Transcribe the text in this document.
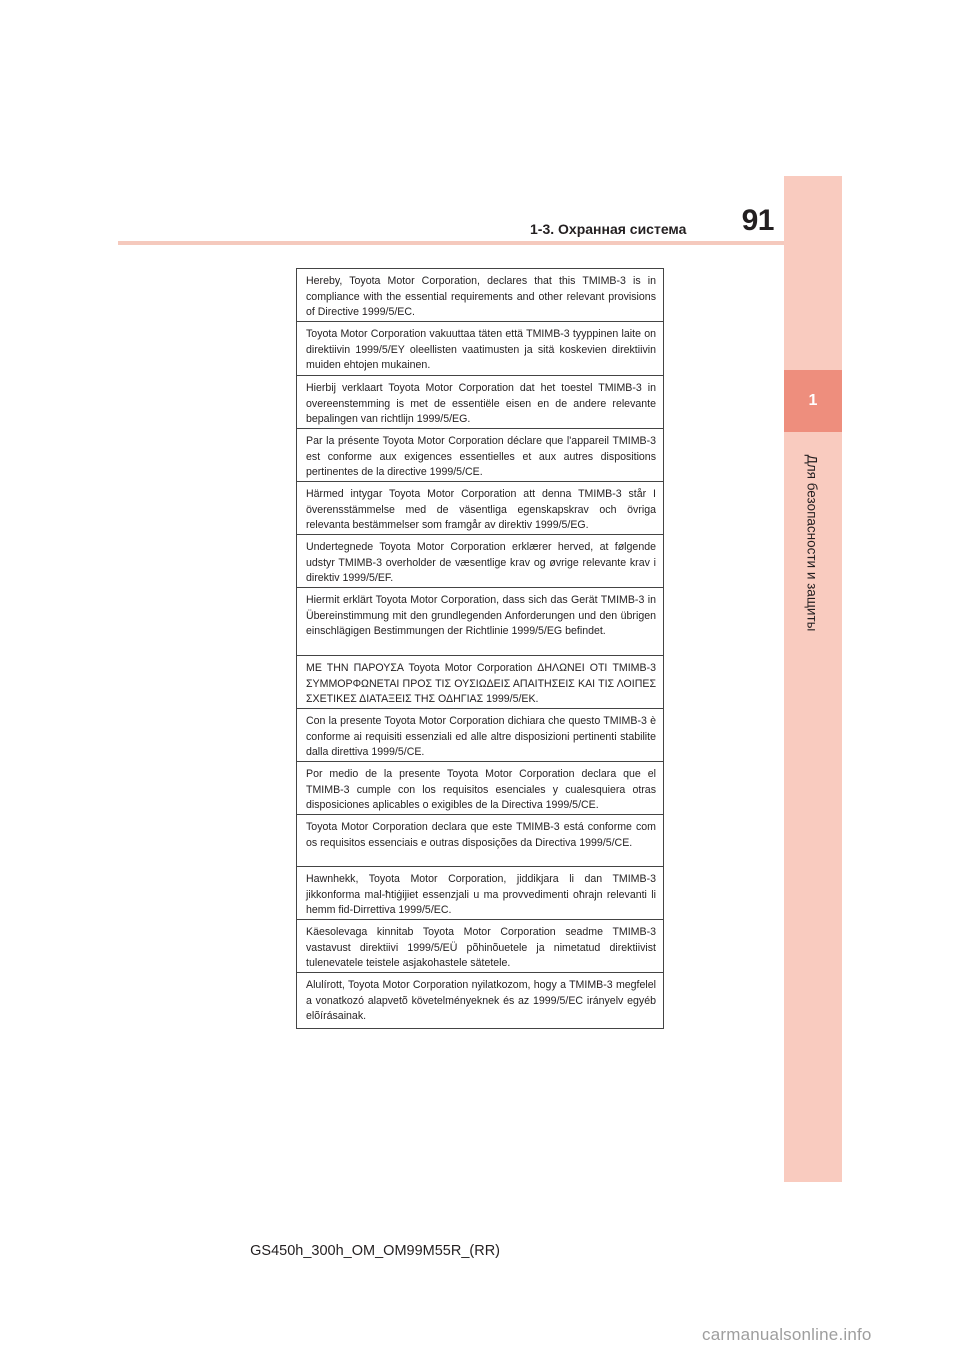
1-3. Охранная система	91
1
Для безопасности и защиты
Hereby, Toyota Motor Corporation, declares that this TMIMB-3 is in compliance with the essential requirements and other relevant provisions of Directive 1999/5/EC.
Toyota Motor Corporation vakuuttaa täten että TMIMB-3 tyyppinen laite on direktiivin 1999/5/EY oleellisten vaatimusten ja sitä koskevien direktiivin muiden ehtojen mukainen.
Hierbij verklaart Toyota Motor Corporation dat het toestel TMIMB-3 in overeenstemming is met de essentiële eisen en de andere relevante bepalingen van richtlijn 1999/5/EG.
Par la présente Toyota Motor Corporation déclare que l'appareil TMIMB-3 est conforme aux exigences essentielles et aux autres dispositions pertinentes de la directive 1999/5/CE.
Härmed intygar Toyota Motor Corporation att denna TMIMB-3 står I överensstämmelse med de väsentliga egenskapskrav och övriga relevanta bestämmelser som framgår av direktiv 1999/5/EG.
Undertegnede Toyota Motor Corporation erklærer herved, at følgende udstyr TMIMB-3 overholder de væsentlige krav og øvrige relevante krav i direktiv 1999/5/EF.
Hiermit erklärt Toyota Motor Corporation, dass sich das Gerät TMIMB-3 in Übereinstimmung mit den grundlegenden Anforderungen und den übrigen einschlägigen Bestimmungen der Richtlinie 1999/5/EG befindet.
ΜΕ ΤΗΝ ΠΑΡΟΥΣΑ Toyota Motor Corporation ΔΗΛΩΝΕΙ ΟΤΙ TMIMB-3 ΣΥΜΜΟΡΦΩΝΕΤΑΙ ΠΡΟΣ ΤΙΣ ΟΥΣΙΩΔΕΙΣ ΑΠΑΙΤΗΣΕΙΣ ΚΑΙ ΤΙΣ ΛΟΙΠΕΣ ΣΧΕΤΙΚΕΣ ΔΙΑΤΑΞΕΙΣ ΤΗΣ ΟΔΗΓΙΑΣ 1999/5/ΕΚ.
Con la presente Toyota Motor Corporation dichiara che questo TMIMB-3 è conforme ai requisiti essenziali ed alle altre disposizioni pertinenti stabilite dalla direttiva 1999/5/CE.
Por medio de la presente Toyota Motor Corporation declara que el TMIMB-3 cumple con los requisitos esenciales y cualesquiera otras disposiciones aplicables o exigibles de la Directiva 1999/5/CE.
Toyota Motor Corporation declara que este TMIMB-3 está conforme com os requisitos essenciais e outras disposições da Directiva 1999/5/CE.
Hawnhekk, Toyota Motor Corporation, jiddikjara li dan TMIMB-3 jikkonforma mal-ħtiġijiet essenzjali u ma provvedimenti oħrajn relevanti li hemm fid-Dirrettiva 1999/5/EC.
Käesolevaga kinnitab Toyota Motor Corporation seadme TMIMB-3 vastavust direktiivi 1999/5/EÜ põhinõuetele ja nimetatud direktiivist tulenevatele teistele asjakohastele sätetele.
Alulírott, Toyota Motor Corporation nyilatkozom, hogy a TMIMB-3 megfelel a vonatkozó alapvetõ követelményeknek és az 1999/5/EC irányelv egyéb elõírásainak.
GS450h_300h_OM_OM99M55R_(RR)
carmanualsonline.info
